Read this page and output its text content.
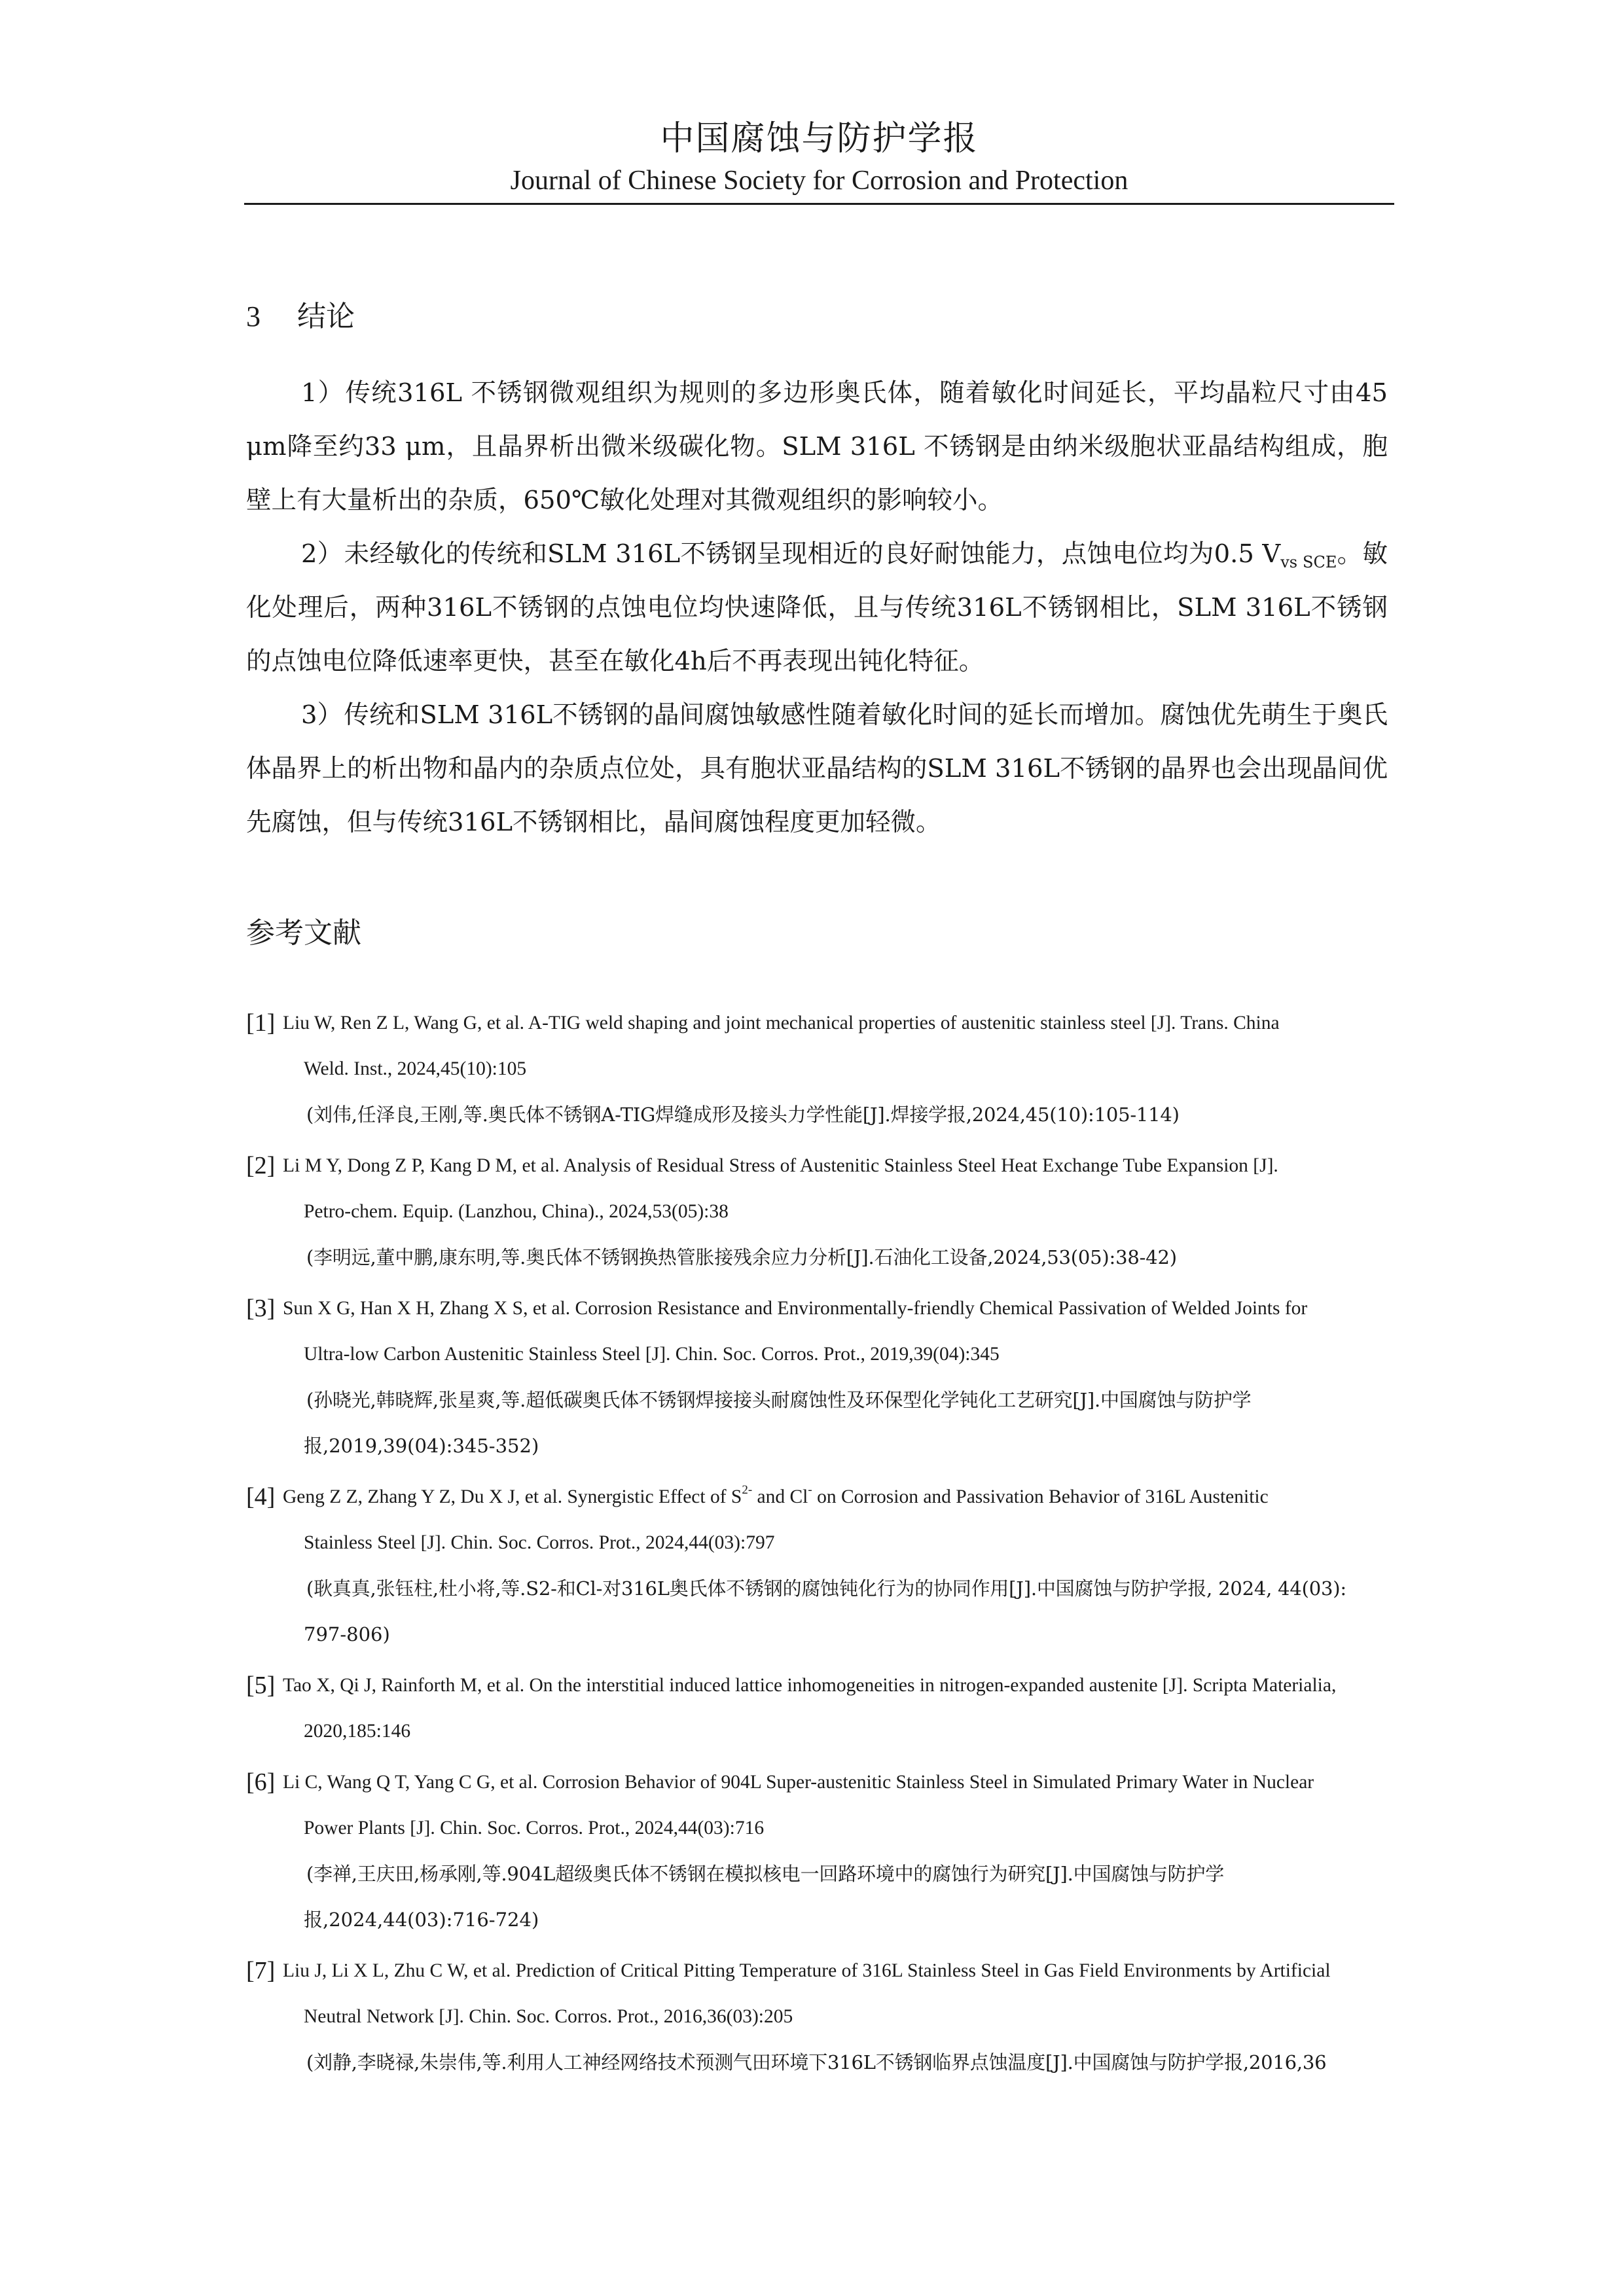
中国腐蚀与防护学报
Journal of Chinese Society for Corrosion and Protection
3 结论

1）传统316L 不锈钢微观组织为规则的多边形奥氏体，随着敏化时间延长，平均晶粒尺寸由45 μm降至约33 μm，且晶界析出微米级碳化物。SLM 316L 不锈钢是由纳米级胞状亚晶结构组成，胞壁上有大量析出的杂质，650℃敏化处理对其微观组织的影响较小。

2）未经敏化的传统和SLM 316L不锈钢呈现相近的良好耐蚀能力，点蚀电位均为0.5 $V_{vs SCE}$。敏化处理后，两种316L不锈钢的点蚀电位均快速降低，且与传统316L不锈钢相比，SLM 316L不锈钢的点蚀电位降低速率更快，甚至在敏化4h后不再表现出钝化特征。

3）传统和SLM 316L不锈钢的晶间腐蚀敏感性随着敏化时间的延长而增加。腐蚀优先萌生于奥氏体晶界上的析出物和晶内的杂质点位处，具有胞状亚晶结构的SLM 316L不锈钢的晶界也会出现晶间优先腐蚀，但与传统316L不锈钢相比，晶间腐蚀程度更加轻微。

参考文献
[1] Liu W, Ren Z L, Wang G, et al. A-TIG weld shaping and joint mechanical properties of austenitic stainless steel [J]. Trans. China
Weld. Inst., 2024,45(10):105
(刘伟,任泽良,王刚,等.奥氏体不锈钢A-TIG焊缝成形及接头力学性能[J].焊接学报,2024,45(10):105-114)
[2] Li M Y, Dong Z P, Kang D M, et al. Analysis of Residual Stress of Austenitic Stainless Steel Heat Exchange Tube Expansion [J].
Petro-chem. Equip. (Lanzhou, China)., 2024,53(05):38
(李明远,董中鹏,康东明,等.奥氏体不锈钢换热管胀接残余应力分析[J].石油化工设备,2024,53(05):38-42)
[3] Sun X G, Han X H, Zhang X S, et al. Corrosion Resistance and Environmentally-friendly Chemical Passivation of Welded Joints for
Ultra-low Carbon Austenitic Stainless Steel [J]. Chin. Soc. Corros. Prot., 2019,39(04):345
(孙晓光,韩晓辉,张星爽,等.超低碳奥氏体不锈钢焊接接头耐腐蚀性及环保型化学钝化工艺研究[J].中国腐蚀与防护学
报,2019,39(04):345-352)
[4] Geng Z Z, Zhang Y Z, Du X J, et al. Synergistic Effect of $S^{2-}$ and Cl- on Corrosion and Passivation Behavior of 316L Austenitic
Stainless Steel [J]. Chin. Soc. Corros. Prot., 2024,44(03):797
(耿真真,张钰柱,杜小将,等.S2-和Cl-对316L奥氏体不锈钢的腐蚀钝化行为的协同作用[J].中国腐蚀与防护学报, 2024, 44(03):
797-806)
[5] Tao X, Qi J, Rainforth M, et al. On the interstitial induced lattice inhomogeneities in nitrogen-expanded austenite [J]. Scripta Materialia,
2020,185:146
[6] Li C, Wang Q T, Yang C G, et al. Corrosion Behavior of 904L Super-austenitic Stainless Steel in Simulated Primary Water in Nuclear
Power Plants [J]. Chin. Soc. Corros. Prot., 2024,44(03):716
(李禅,王庆田,杨承刚,等.904L超级奥氏体不锈钢在模拟核电一回路环境中的腐蚀行为研究[J].中国腐蚀与防护学
报,2024,44(03):716-724)
[7] Liu J, Li X L, Zhu C W, et al. Prediction of Critical Pitting Temperature of 316L Stainless Steel in Gas Field Environments by Artificial
Neutral Network [J]. Chin. Soc. Corros. Prot., 2016,36(03):205
(刘静,李晓禄,朱崇伟,等.利用人工神经网络技术预测气田环境下316L不锈钢临界点蚀温度[J].中国腐蚀与防护学报,2016,36
